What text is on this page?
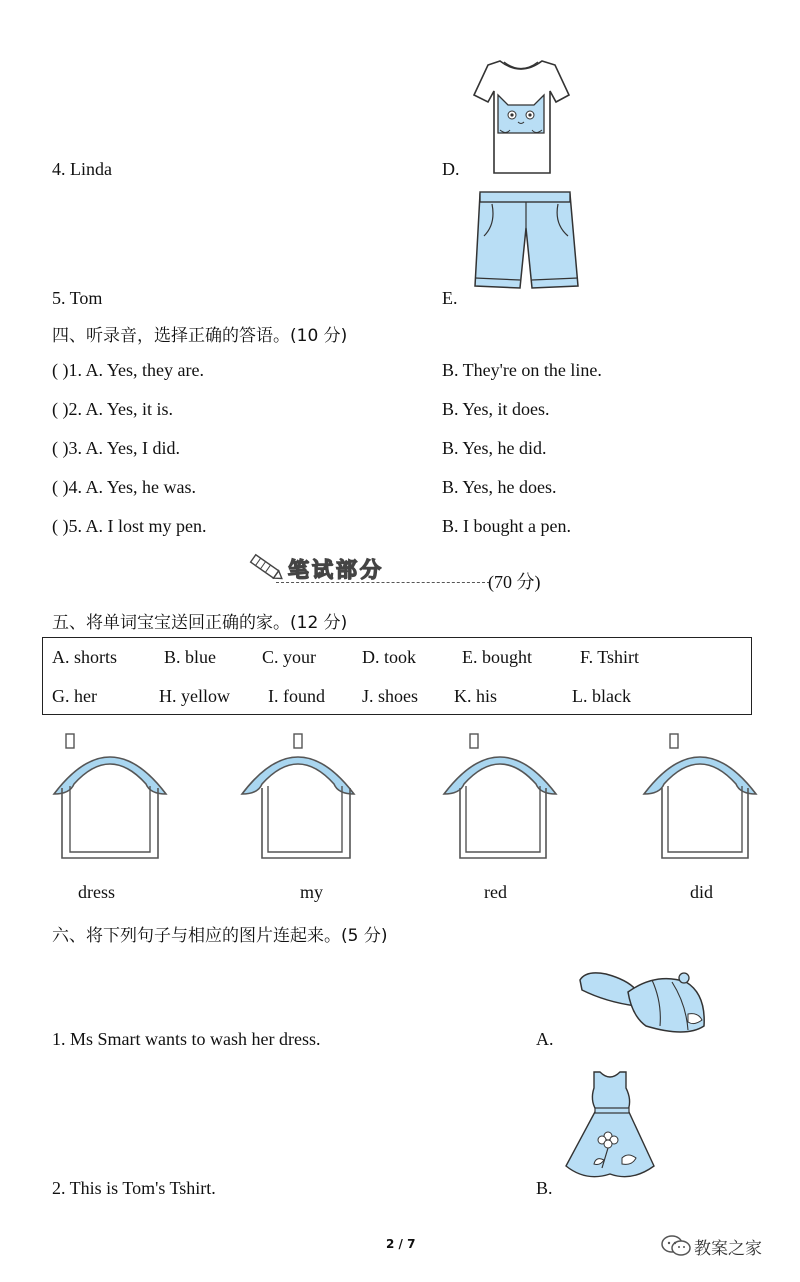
4. Linda	D.
5. Tom	E.
四、听录音，选择正确的答语。(10 分)
( )1. A. Yes, they are.	B. They're on the line.
( )2. A. Yes, it is.	B. Yes, it does.
( )3. A. Yes, I did.	B. Yes, he did.
( )4. A. Yes, he was.	B. Yes, he does.
( )5. A. I lost my pen.	B. I bought a pen.
笔试部分	(70 分)
五、将单词宝宝送回正确的家。(12 分)
A. shorts	B. blue	C. your	D. took	E. bought	F. Tshirt
G. her	H. yellow I. found J. shoes K. his	L. black
dress	my	red	did
六、将下列句子与相应的图片连起来。(5 分)
1. Ms Smart wants to wash her dress.	A.
2. This is Tom's Tshirt.	B.
2 / 7	教案之家
